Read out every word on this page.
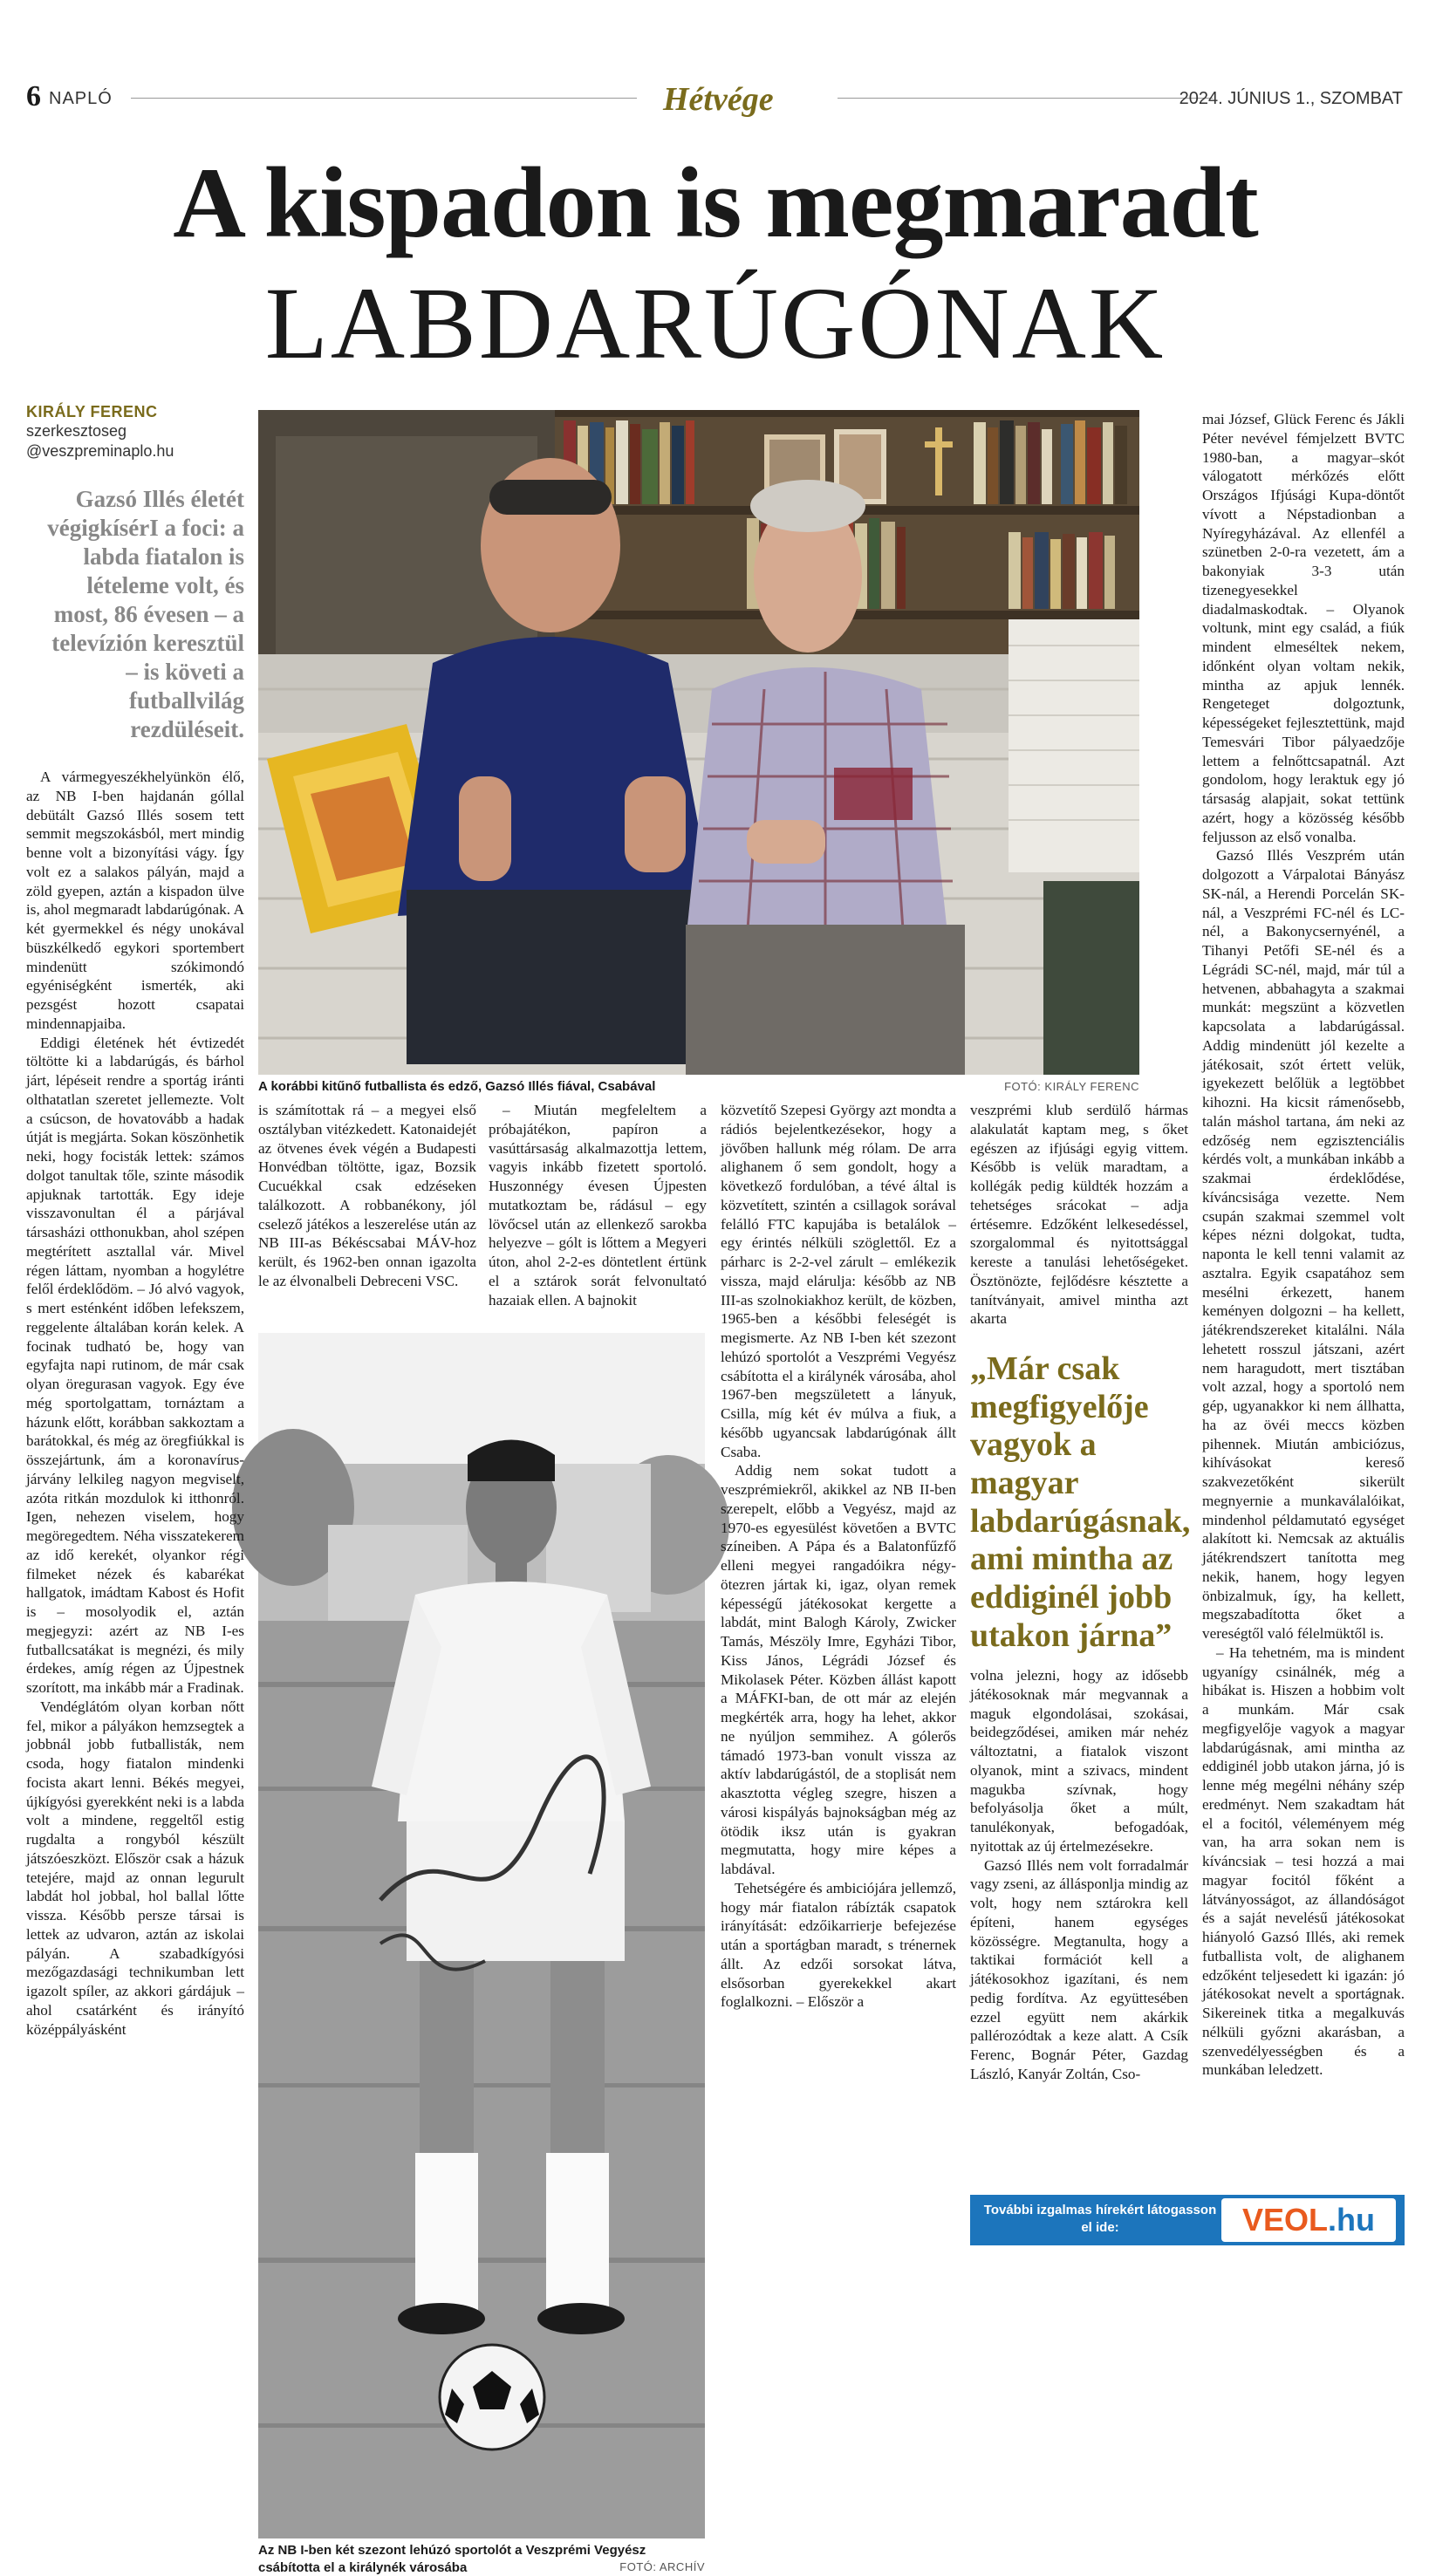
6 NAPLÓ	Hétvége	2024. JÚNIUS 1., SZOMBAT
A kispadon is megmaradt
LABDARÚGÓNAK
KIRÁLY FERENC
szerkesztoseg
@veszpreminaplo.hu
Gazsó Illés életét végigkísérI a foci: a labda fiatalon is lételeme volt, és most, 86 évesen – a televízión keresztül – is követi a futballvilág rezdüléseit.
A korábbi kitűnő futballista és edző, Gazsó Illés fiával, Csabával	FOTÓ: KIRÁLY FERENC
Az NB I-ben két szezont lehúzó sportolót a Veszprémi Vegyész csábította el a királynék városába	FOTÓ: ARCHÍV

A vármegyeszékhelyünkön élő, az NB I-ben hajdanán góllal debütált Gazsó Illés sosem tett semmit megszokásból, mert mindig benne volt a bizonyítási vágy. Így volt ez a salakos pályán, majd a zöld gyepen, aztán a kispadon ülve is, ahol megmaradt labdarúgónak. A két gyermekkel és négy unokával büszkélkedő egykori sportembert mindenütt szókimondó egyéniségként ismerték, aki pezsgést hozott csapatai mindennapjaiba.

Eddigi életének hét évtizedét töltötte ki a labdarúgás, és bárhol járt, lépéseit rendre a sportág iránti olthatatlan szeretet jellemezte. Volt a csúcson, de hovatovább a hadak útját is megjárta. Sokan köszönhetik neki, hogy focisták lettek: számos dolgot tanultak tőle, szinte második apjuknak tartották. Egy ideje visszavonultan él a párjával társasházi otthonukban, ahol szépen megtérített asztallal vár. Mivel régen láttam, nyomban a hogylétre felől érdeklődöm. – Jó alvó vagyok, s mert esténként időben lefekszem, reggelente általában korán kelek. A focinak tudható be, hogy van egyfajta napi rutinom, de már csak olyan öregurasan vagyok. Egy éve még sportolgattam, tornáztam a házunk előtt, korábban sakkoztam a barátokkal, és még az öregfiúkkal is összejártunk, ám a koronavírus-járvány lelkileg nagyon megviselt, azóta ritkán mozdulok ki itthonról. Igen, nehezen viselem, hogy megöregedtem. Néha visszatekerem az idő kerekét, olyankor régi filmeket nézek és kabarékat hallgatok, imádtam Kabost és Hofit is – mosolyodik el, aztán megjegyzi: azért az NB I-es futballcsatákat is megnézi, és mily érdekes, amíg régen az Újpestnek szorított, ma inkább már a Fradinak.

Vendéglátóm olyan korban nőtt fel, mikor a pályákon hemzsegtek a jobbnál jobb futballisták, nem csoda, hogy fiatalon mindenki focista akart lenni. Békés megyei, újkígyósi gyerekként neki is a labda volt a mindene, reggeltől estig rugdalta a rongyból készült játszóeszközt. Először csak a házuk tetejére, majd az onnan legurult labdát hol jobbal, hol ballal lőtte vissza. Később persze társai is lettek az udvaron, aztán az iskolai pályán. A szabadkígyósi mezőgazdasági technikumban lett igazolt spíler, az akkori gárdájuk – ahol csatárként és irányító középpályásként

is számítottak rá – a megyei első osztályban vitézkedett. Katonaidejét az ötvenes évek végén a Budapesti Honvédban töltötte, igaz, Bozsik Cucuékkal csak edzéseken találkozott. A robbanékony, jól cselező játékos a leszerelése után az NB III-as Békéscsabai MÁV-hoz került, és 1962-ben onnan igazolta le az élvonalbeli Debreceni VSC.

– Miután megfeleltem a próbajátékon, papíron a vasúttársaság alkalmazottja lettem, vagyis inkább fizetett sportoló. Huszonnégy évesen Újpesten mutatkoztam be, rádásul – egy lövőcsel után az ellenkező sarokba helyezve – gólt is lőttem a Megyeri úton, ahol 2-2-es döntetlent értünk el a sztárok sorát felvonultató hazaiak ellen. A bajnokit

közvetítő Szepesi György azt mondta a rádiós bejelentkezésekor, hogy a jövőben hallunk még rólam. De arra alighanem ő sem gondolt, hogy a következő fordulóban, a tévé által is közvetített, szintén a csillagok sorával felálló FTC kapujába is betalálok – egy érintés nélküli szöglettől. Ez a párharc is 2-2-vel zárult – emlékezik vissza, majd elárulja: később az NB III-as szolnokiakhoz került, de közben, 1965-ben a későbbi feleségét is megismerte. Az NB I-ben két szezont lehúzó sportolót a Veszprémi Vegyész csábította el a királynék városába, ahol 1967-ben megszületett a lányuk, Csilla, míg két év múlva a fiuk, a később ugyancsak labdarúgónak állt Csaba.

Addig nem sokat tudott a veszprémiekről, akikkel az NB II-ben szerepelt, előbb a Vegyész, majd az 1970-es egyesülést követően a BVTC színeiben. A Pápa és a Balatonfűzfő elleni megyei rangadóikra négy-ötezren jártak ki, igaz, olyan remek képességű játékosokat kergette a labdát, mint Balogh Károly, Zwicker Tamás, Mészöly Imre, Egyházi Tibor, Kiss János, Légrádi József és Mikolasek Péter. Közben állást kapott a MÁFKI-ban, de ott már az elején megkérték arra, hogy ha lehet, akkor ne nyúljon semmihez. A gólerős támadó 1973-ban vonult vissza az aktív labdarúgástól, de a stoplisát nem akasztotta végleg szegre, hiszen a városi kispályás bajnokságban még az ötödik iksz után is gyakran megmutatta, hogy mire képes a labdával.

Tehetségére és ambiciójára jellemző, hogy már fiatalon rábízták csapatok irányítását: edzőikarrierje befejezése után a sportágban maradt, s trénernek állt. Az edzői sorsokat látva, elsősorban gyerekekkel akart foglalkozni. – Először a

veszprémi klub serdülő hármas alakulatát kaptam meg, s őket egészen az ifjúsági egyig vittem. Később is velük maradtam, a kollégák pedig küldték hozzám a tehetséges srácokat – adja értésemre. Edzőként lelkesedéssel, szorgalommal és nyitottsággal kereste a tanulási lehetőségeket. Ösztönözte, fejlődésre késztette a tanítványait, amivel mintha azt akarta

„Már csak megfigyelője vagyok a magyar labdarúgásnak, ami mintha az eddiginél jobb utakon járna”

volna jelezni, hogy az idősebb játékosoknak már megvannak a maguk elgondolásai, szokásai, beidegződései, amiken már nehéz változtatni, a fiatalok viszont olyanok, mint a szivacs, mindent magukba szívnak, hogy befolyásolja őket a múlt, tanulékonyak, befogadóak, nyitottak az új értelmezésekre.

Gazsó Illés nem volt forradalmár vagy zseni, az állásponlja mindig az volt, hogy nem sztárokra kell építeni, hanem egységes közösségre. Megtanulta, hogy a taktikai formációt kell a játékosokhoz igazítani, és nem pedig fordítva. Az együttesében ezzel együtt nem akárkik pallérozódtak a keze alatt. A Csík Ferenc, Bognár Péter, Gazdag László, Kanyár Zoltán, Cso-

mai József, Glück Ferenc és Jákli Péter nevével fémjelzett BVTC 1980-ban, a magyar–skót válogatott mérkőzés előtt Országos Ifjúsági Kupa-döntőt vívott a Népstadionban a Nyíregyházával. Az ellenfél a szünetben 2-0-ra vezetett, ám a bakonyiak 3-3 után tizenegyesekkel diadalmaskodtak. – Olyanok voltunk, mint egy család, a fiúk mindent elmeséltek nekem, időnként olyan voltam nekik, mintha az apjuk lennék. Rengeteget dolgoztunk, képességeket fejlesztettünk, majd Temesvári Tibor pályaedzője lettem a felnőttcsapatnál. Azt gondolom, hogy leraktuk egy jó társaság alapjait, sokat tettünk azért, hogy a közösség később feljusson az első vonalba.

Gazsó Illés Veszprém után dolgozott a Várpalotai Bányász SK-nál, a Herendi Porcelán SK-nál, a Veszprémi FC-nél és LC-nél, a Bakonycsernyénél, a Tihanyi Petőfi SE-nél és a Légrádi SC-nél, majd, már túl a hetvenen, abbahagyta a szakmai munkát: megszünt a közvetlen kapcsolata a labdarúgással. Addig mindenütt jól kezelte a játékosait, szót értett velük, igyekezett belőlük a legtöbbet kihozni. Ha kicsit rámenősebb, talán máshol tartana, ám neki az edzőség nem egzisztenciális kérdés volt, a munkában inkább a szakmai érdeklődése, kíváncsisága vezette. Nem csupán szakmai szemmel volt képes nézni dolgokat, tudta, naponta le kell tenni valamit az asztalra. Egyik csapatához sem mesélni érkezett, hanem keményen dolgozni – ha kellett, játékrendszereket kitalálni. Nála lehetett rosszul játszani, azért nem haragudott, mert tisztában volt azzal, hogy a sportoló nem gép, ugyanakkor ki nem állhatta, ha az övéi meccs közben pihennek. Miután ambiciózus, kihívásokat kereső szakvezetőként sikerült megnyernie a munkaválalóikat, mindenhol példamutató egységet alakított ki. Nemcsak az aktuális játékrendszert tanította meg nekik, hanem, hogy legyen önbizalmuk, így, ha kellett, megszabadította őket a vereségtől való félelmüktől is.

– Ha tehetném, ma is mindent ugyanígy csinálnék, még a hibákat is. Hiszen a hobbim volt a munkám. Már csak megfigyelője vagyok a magyar labdarúgásnak, ami mintha az eddiginél jobb utakon járna, jó is lenne még megélni néhány szép eredményt. Nem szakadtam hát el a focitól, véleményem még van, ha arra sokan nem is kíváncsiak – tesi hozzá a mai magyar focitól főként a látványosságot, az állandóságot és a saját nevelésű játékosokat hiányoló Gazsó Illés, aki remek futballista volt, de alighanem edzőként teljesedett ki igazán: jó játékosokat nevelt a sportágnak. Sikereinek titka a megalkuvás nélküli győzni akarásban, a szenvedélyességben és a munkában leledzett.

További izgalmas hírekért látogasson el ide:	VEOL.hu
